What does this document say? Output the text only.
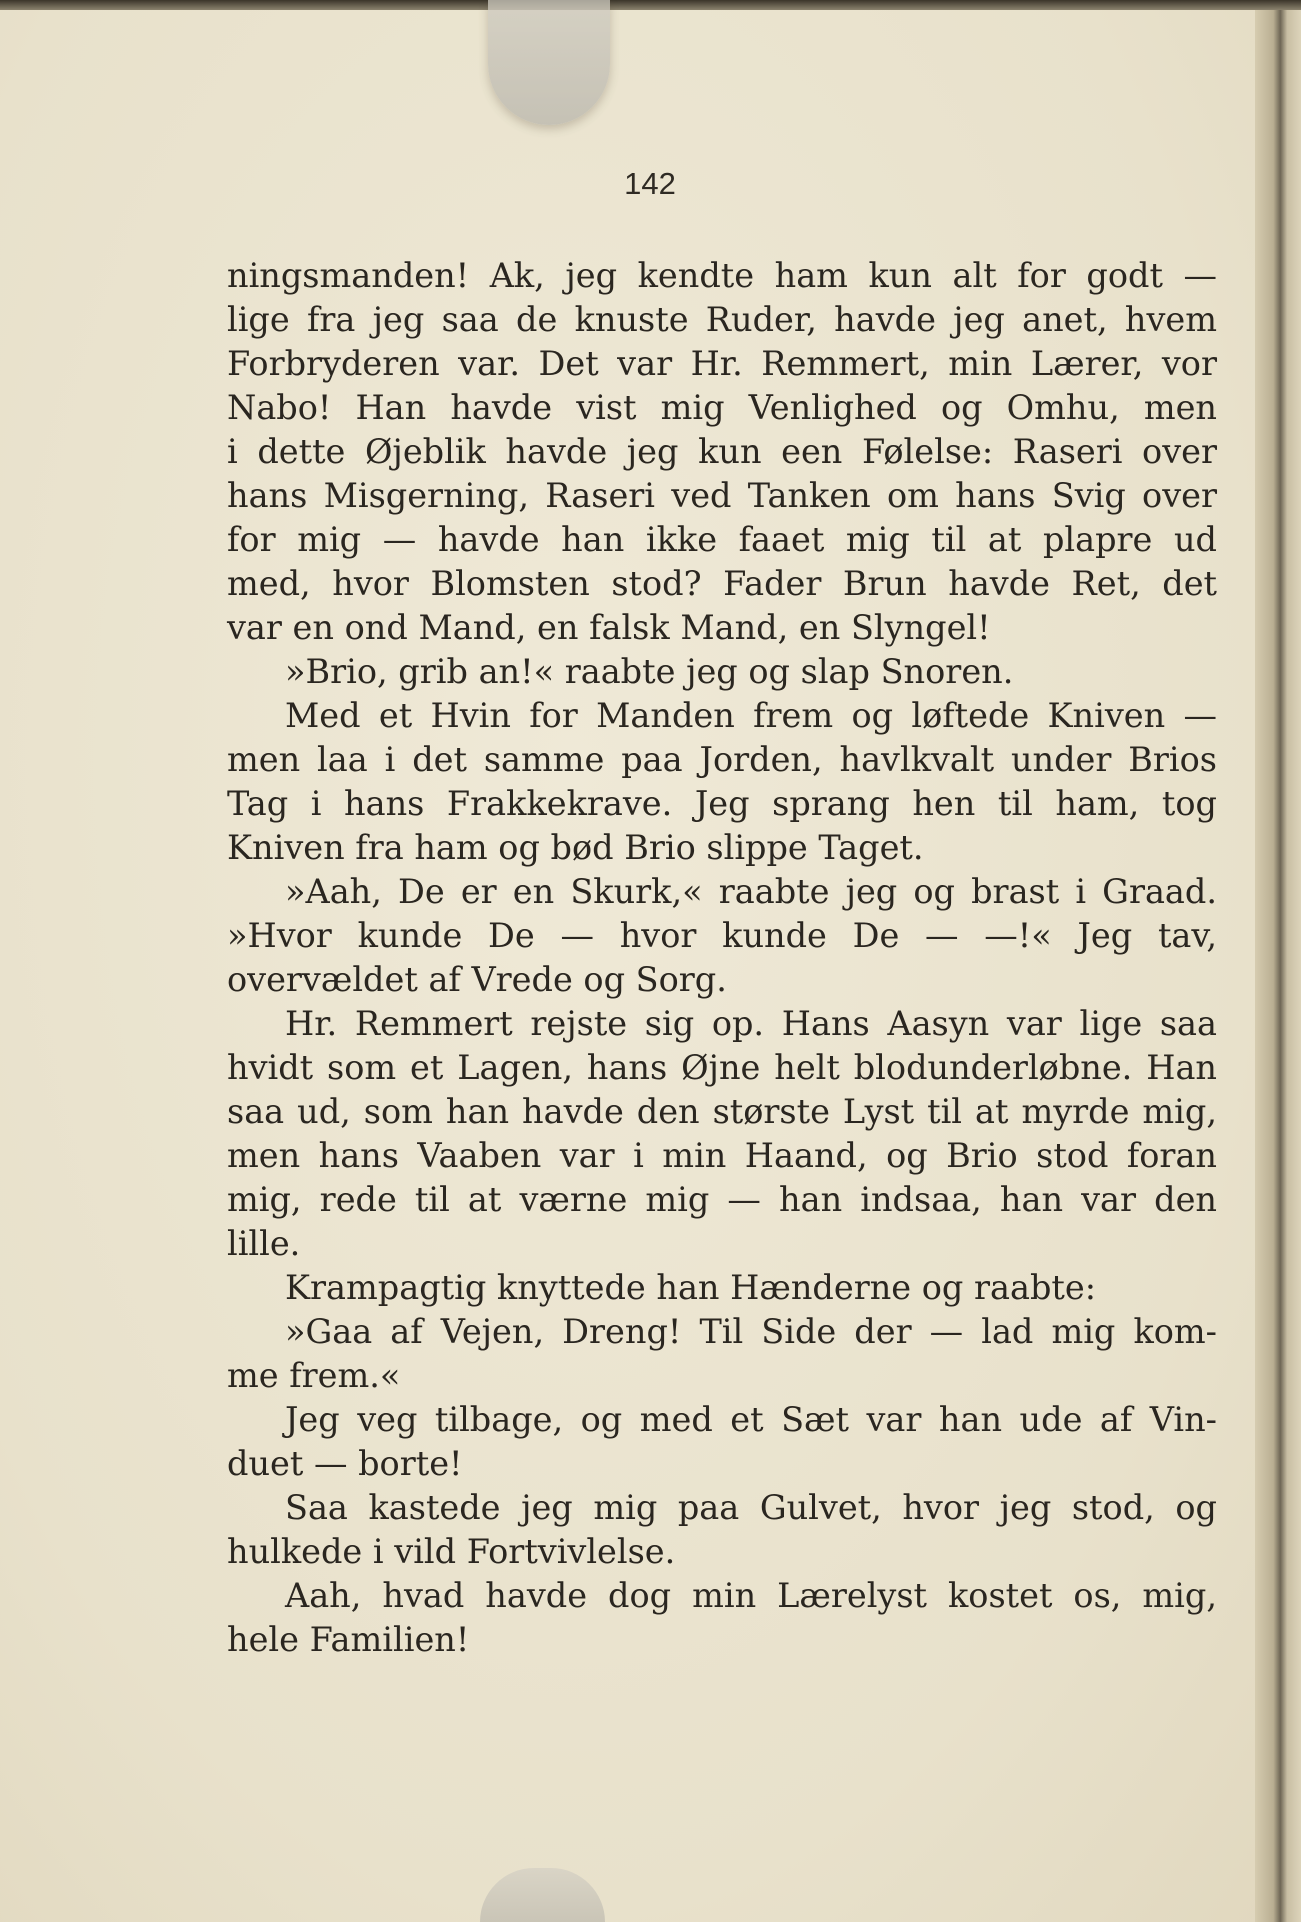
142
ningsmanden! Ak, jeg kendte ham kun alt for godt —
lige fra jeg saa de knuste Ruder, havde jeg anet, hvem
Forbryderen var. Det var Hr. Remmert, min Lærer, vor
Nabo! Han havde vist mig Venlighed og Omhu, men
i dette Øjeblik havde jeg kun een Følelse: Raseri over
hans Misgerning, Raseri ved Tanken om hans Svig over
for mig — havde han ikke faaet mig til at plapre ud
med, hvor Blomsten stod? Fader Brun havde Ret, det
var en ond Mand, en falsk Mand, en Slyngel!
»Brio, grib an!« raabte jeg og slap Snoren.
Med et Hvin for Manden frem og løftede Kniven —
men laa i det samme paa Jorden, havlkvalt under Brios
Tag i hans Frakkekrave. Jeg sprang hen til ham, tog
Kniven fra ham og bød Brio slippe Taget.
»Aah, De er en Skurk,« raabte jeg og brast i Graad.
»Hvor kunde De — hvor kunde De — —!« Jeg tav,
overvældet af Vrede og Sorg.
Hr. Remmert rejste sig op. Hans Aasyn var lige saa
hvidt som et Lagen, hans Øjne helt blodunderløbne. Han
saa ud, som han havde den største Lyst til at myrde mig,
men hans Vaaben var i min Haand, og Brio stod foran
mig, rede til at værne mig — han indsaa, han var den
lille.
Krampagtig knyttede han Hænderne og raabte:
»Gaa af Vejen, Dreng! Til Side der — lad mig kom-
me frem.«
Jeg veg tilbage, og med et Sæt var han ude af Vin-
duet — borte!
Saa kastede jeg mig paa Gulvet, hvor jeg stod, og
hulkede i vild Fortvivlelse.
Aah, hvad havde dog min Lærelyst kostet os, mig,
hele Familien!
